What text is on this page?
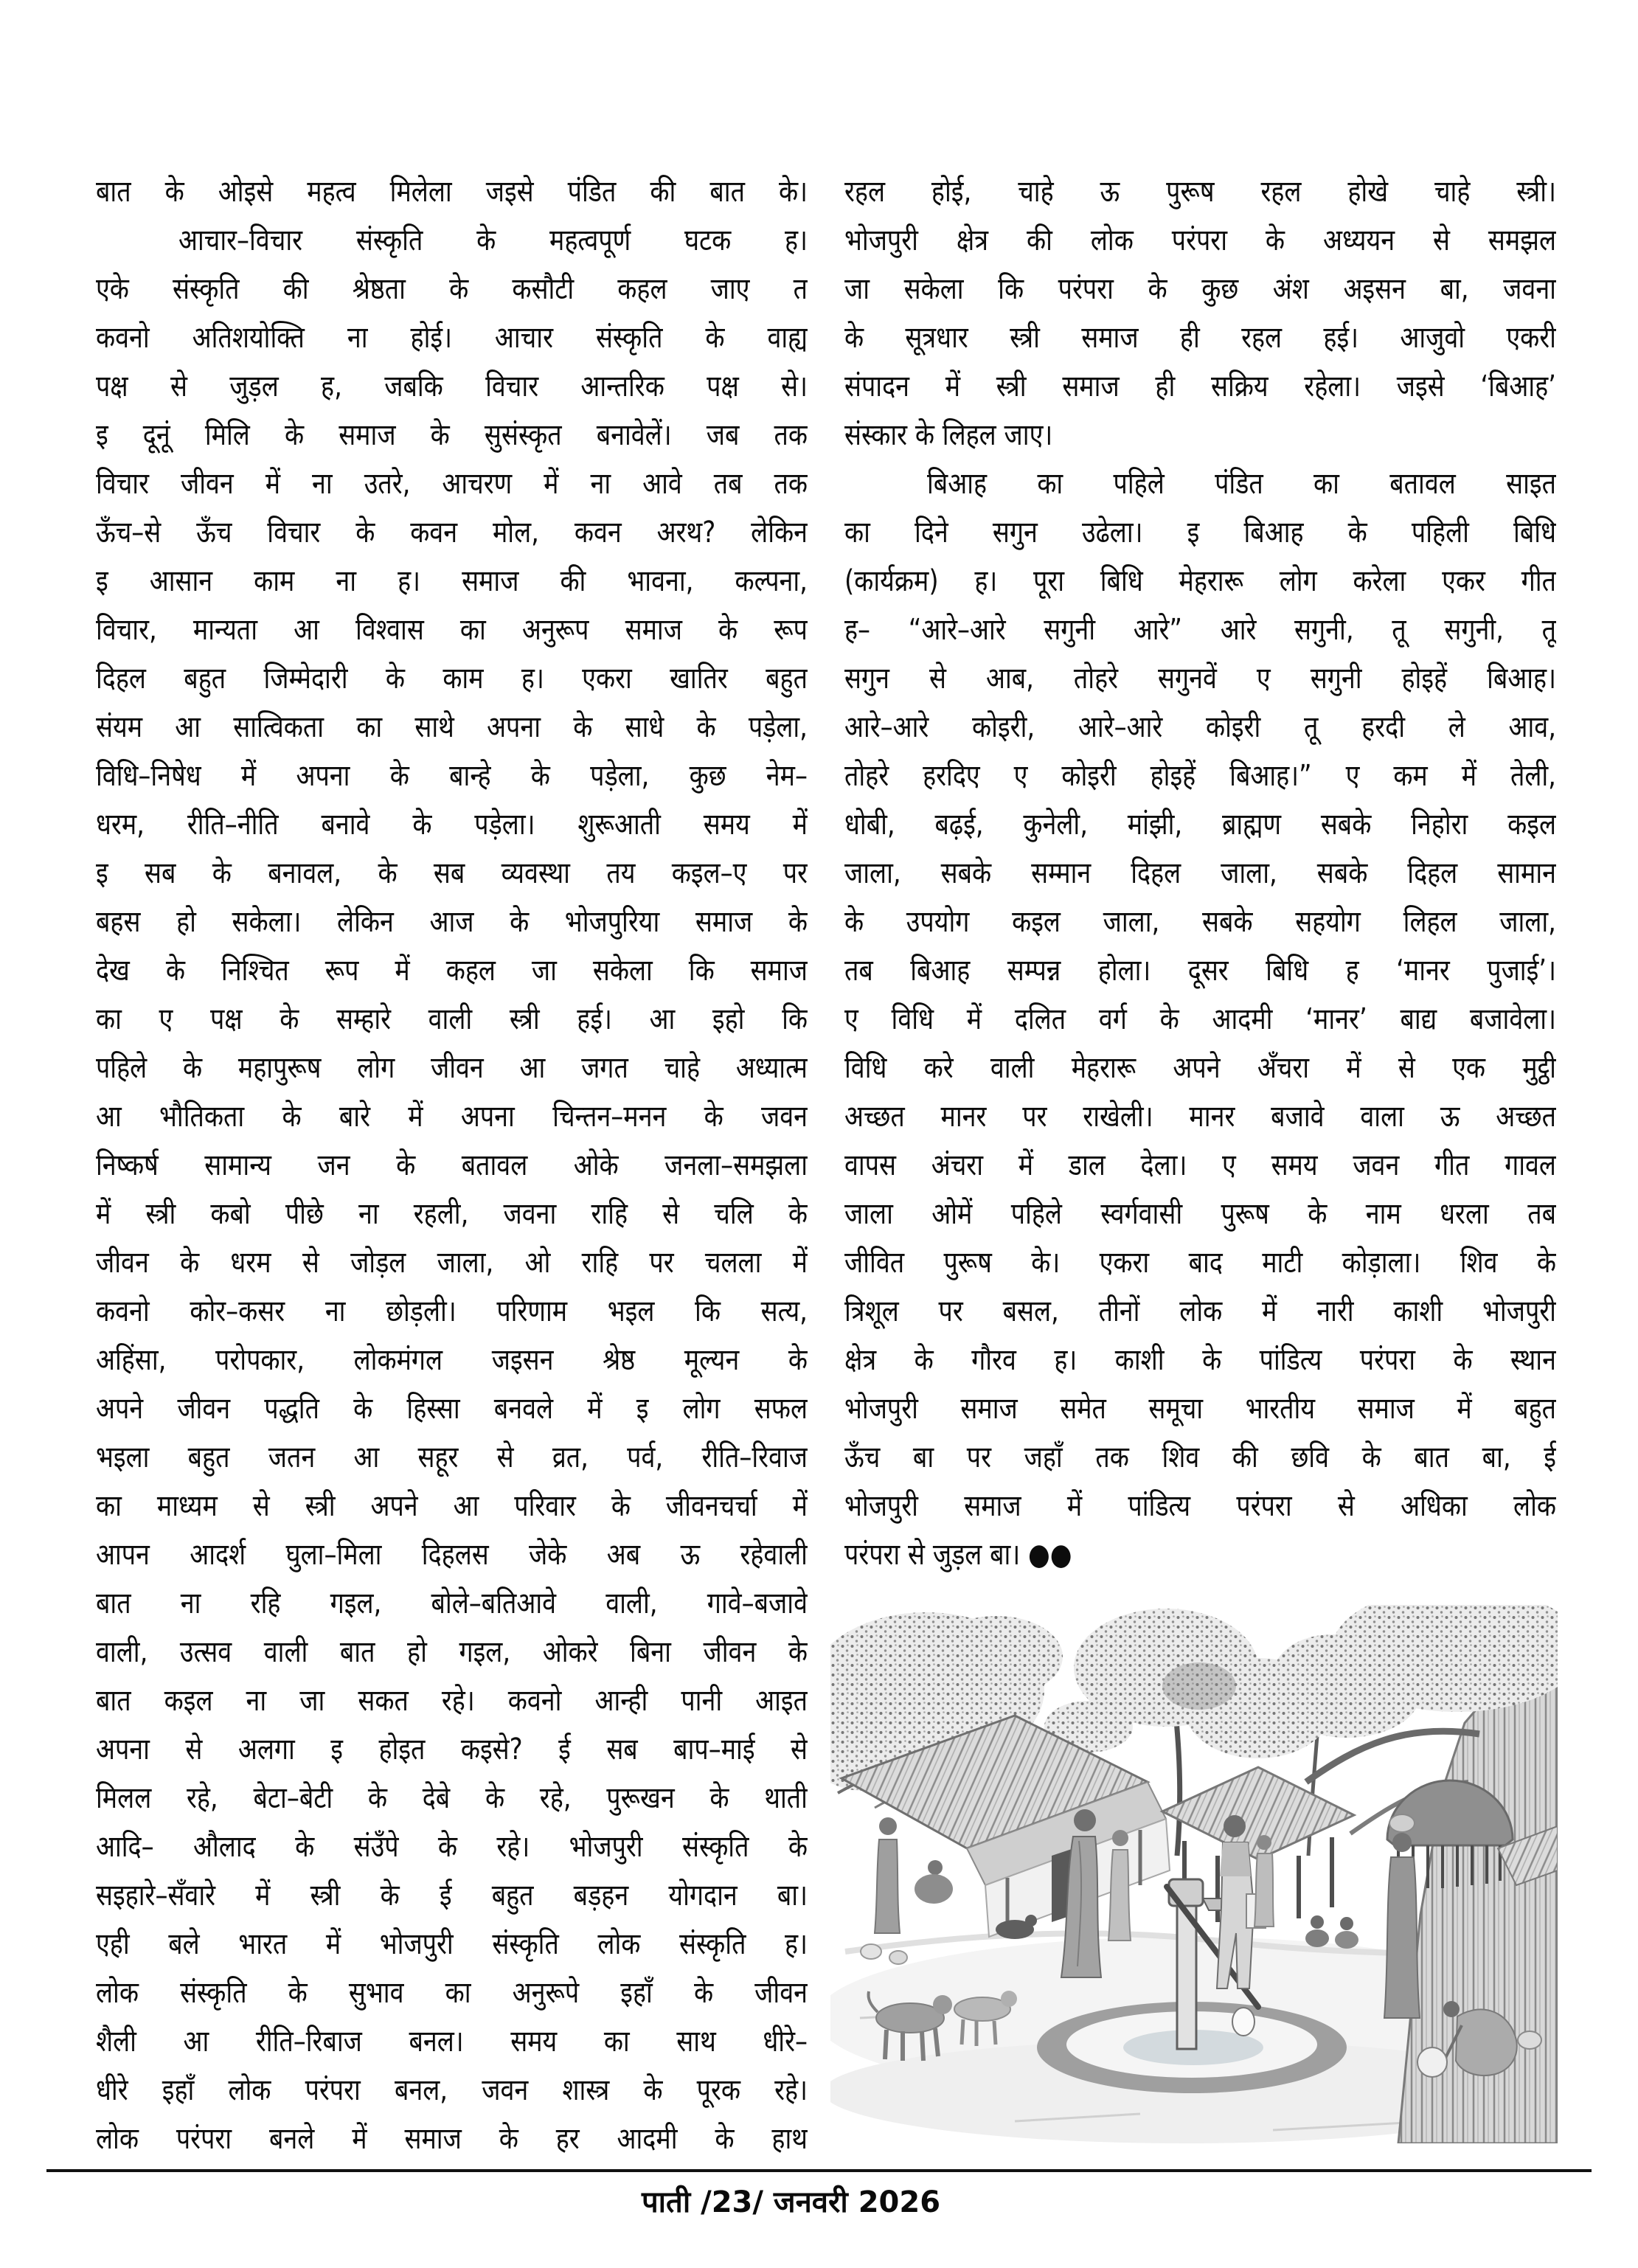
बात के ओइसे महत्व मिलेला जइसे पंडित की बात के।
आचार–विचार संस्कृति के महत्वपूर्ण घटक ह।
एके संस्कृति की श्रेष्ठता के कसौटी कहल जाए त
कवनो अतिशयोक्ति ना होई। आचार संस्कृति के वाह्य
पक्ष से जुड़ल ह, जबकि विचार आन्तरिक पक्ष से।
इ दूनूं मिलि के समाज के सुसंस्कृत बनावेलें। जब तक
विचार जीवन में ना उतरे, आचरण में ना आवे तब तक
ऊँच–से ऊँच विचार के कवन मोल, कवन अरथ? लेकिन
इ आसान काम ना ह। समाज की भावना, कल्पना,
विचार, मान्यता आ विश्वास का अनुरूप समाज के रूप
दिहल बहुत जिम्मेदारी के काम ह। एकरा खातिर बहुत
संयम आ सात्विकता का साथे अपना के साधे के पड़ेला,
विधि–निषेध में अपना के बान्हे के पड़ेला, कुछ नेम–
धरम, रीति–नीति बनावे के पड़ेला। शुरूआती समय में
इ सब के बनावल, के सब व्यवस्था तय कइल–ए पर
बहस हो सकेला। लेकिन आज के भोजपुरिया समाज के
देख के निश्चित रूप में कहल जा सकेला कि समाज
का ए पक्ष के सम्हारे वाली स्त्री हई। आ इहो कि
पहिले के महापुरूष लोग जीवन आ जगत चाहे अध्यात्म
आ भौतिकता के बारे में अपना चिन्तन–मनन के जवन
निष्कर्ष सामान्य जन के बतावल ओके जनला–समझला
में स्त्री कबो पीछे ना रहली, जवना राहि से चलि के
जीवन के धरम से जोड़ल जाला, ओ राहि पर चलला में
कवनो कोर–कसर ना छोड़ली। परिणाम भइल कि सत्य,
अहिंसा, परोपकार, लोकमंगल जइसन श्रेष्ठ मूल्यन के
अपने जीवन पद्धति के हिस्सा बनवले में इ लोग सफल
भइला बहुत जतन आ सहूर से व्रत, पर्व, रीति–रिवाज
का माध्यम से स्त्री अपने आ परिवार के जीवनचर्चा में
आपन आदर्श घुला–मिला दिहलस जेके अब ऊ रहेवाली
बात ना रहि गइल, बोले–बतिआवे वाली, गावे–बजावे
वाली, उत्सव वाली बात हो गइल, ओकरे बिना जीवन के
बात कइल ना जा सकत रहे। कवनो आन्ही पानी आइत
अपना से अलगा इ होइत कइसे? ई सब बाप–माई से
मिलल रहे, बेटा–बेटी के देबे के रहे, पुरूखन के थाती
आदि– औलाद के संउँपे के रहे। भोजपुरी संस्कृति के
सइहारे–सँवारे में स्त्री के ई बहुत बड़हन योगदान बा।
एही बले भारत में भोजपुरी संस्कृति लोक संस्कृति ह।
लोक संस्कृति के सुभाव का अनुरूपे इहाँ के जीवन
शैली आ रीति–रिबाज बनल। समय का साथ धीरे–
धीरे इहाँ लोक परंपरा बनल, जवन शास्त्र के पूरक रहे।
लोक परंपरा बनले में समाज के हर आदमी के हाथ
रहल होई, चाहे ऊ पुरूष रहल होखे चाहे स्त्री।
भोजपुरी क्षेत्र की लोक परंपरा के अध्ययन से समझल
जा सकेला कि परंपरा के कुछ अंश अइसन बा, जवना
के सूत्रधार स्त्री समाज ही रहल हई। आजुवो एकरी
संपादन में स्त्री समाज ही सक्रिय रहेला। जइसे ‘बिआह’
संस्कार के लिहल जाए।
बिआह का पहिले पंडित का बतावल साइत
का दिने सगुन उढेला। इ बिआह के पहिली बिधि
(कार्यक्रम) ह। पूरा बिधि मेहरारू लोग करेला एकर गीत
ह– “आरे–आरे सगुनी आरे” आरे सगुनी, तू सगुनी, तू
सगुन से आब, तोहरे सगुनवें ए सगुनी होइहें बिआह।
आरे–आरे कोइरी, आरे–आरे कोइरी तू हरदी ले आव,
तोहरे हरदिए ए कोइरी होइहें बिआह।” ए कम में तेली,
धोबी, बढ़ई, कुनेली, मांझी, ब्राह्मण सबके निहोरा कइल
जाला, सबके सम्मान दिहल जाला, सबके दिहल सामान
के उपयोग कइल जाला, सबके सहयोग लिहल जाला,
तब बिआह सम्पन्न होला। दूसर बिधि ह ‘मानर पुजाई’।
ए विधि में दलित वर्ग के आदमी ‘मानर’ बाद्य बजावेला।
विधि करे वाली मेहरारू अपने अँचरा में से एक मुट्ठी
अच्छत मानर पर राखेली। मानर बजावे वाला ऊ अच्छत
वापस अंचरा में डाल देला। ए समय जवन गीत गावल
जाला ओमें पहिले स्वर्गवासी पुरूष के नाम धरला तब
जीवित पुरूष के। एकरा बाद माटी कोड़ाला। शिव के
त्रिशूल पर बसल, तीनों लोक में नारी काशी भोजपुरी
क्षेत्र के गौरव ह। काशी के पांडित्य परंपरा के स्थान
भोजपुरी समाज समेत समूचा भारतीय समाज में बहुत
ऊँच बा पर जहाँ तक शिव की छवि के बात बा, ई
भोजपुरी समाज में पांडित्य परंपरा से अधिका लोक
परंपरा से जुड़ल बा। ●●
पाती /23/ जनवरी 2026
